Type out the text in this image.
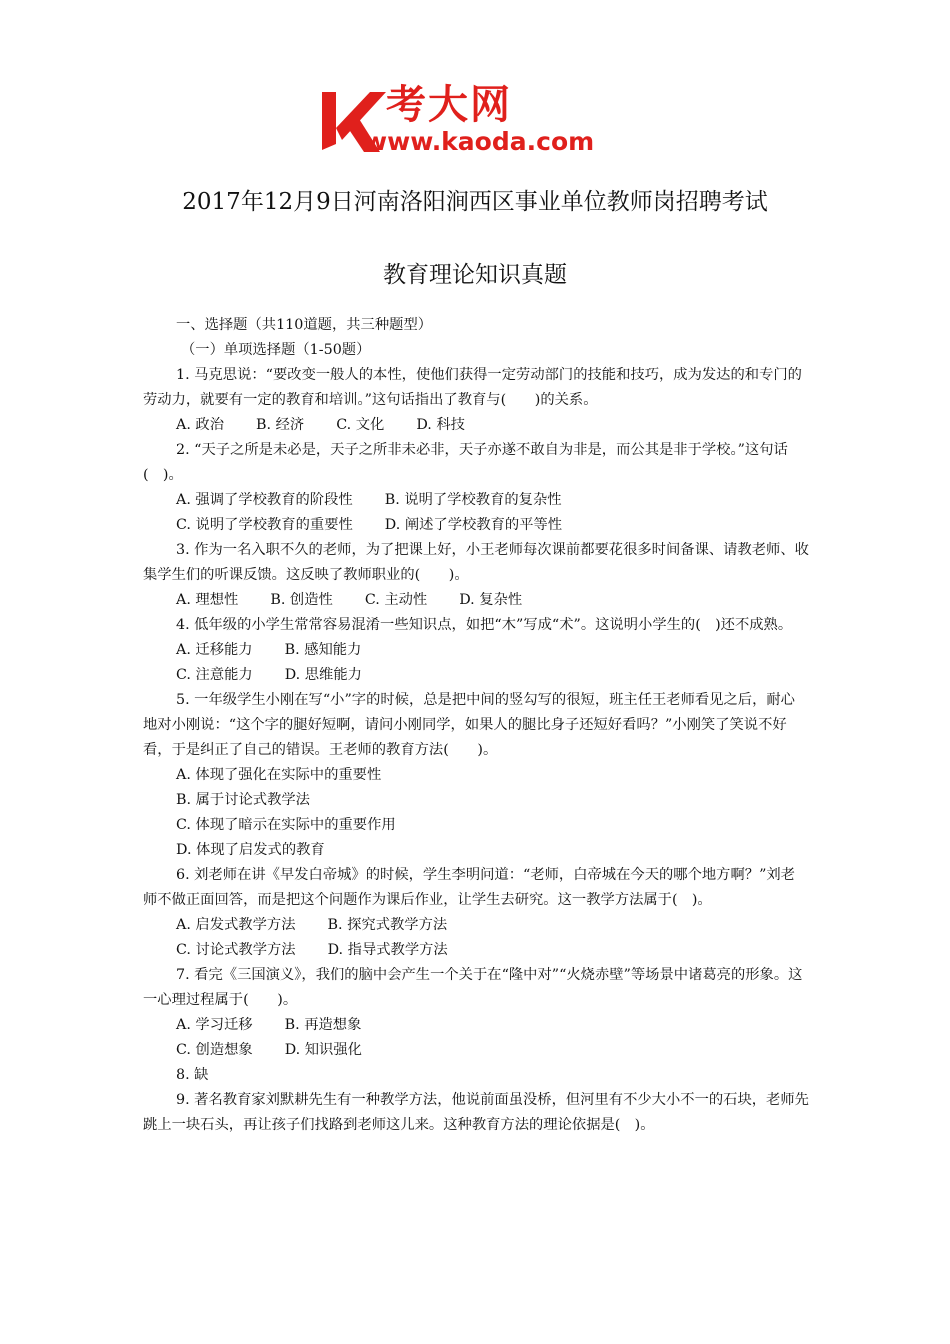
考大网
www.kaoda.com
2017年12月9日河南洛阳涧西区事业单位教师岗招聘考试
教育理论知识真题

一、选择题（共110道题，共三种题型）

（一）单项选择题（1-50题）

1. 马克思说：“要改变一般人的本性，使他们获得一定劳动部门的技能和技巧，成为发达的和专门的劳动力，就要有一定的教育和培训。”这句话指出了教育与(　　)的关系。

A. 政治 B. 经济 C. 文化 D. 科技

2. “天子之所是未必是，天子之所非未必非，天子亦遂不敢自为非是，而公其是非于学校。”这句话(　)。

A. 强调了学校教育的阶段性 B. 说明了学校教育的复杂性

C. 说明了学校教育的重要性 D. 阐述了学校教育的平等性

3. 作为一名入职不久的老师，为了把课上好，小王老师每次课前都要花很多时间备课、请教老师、收集学生们的听课反馈。这反映了教师职业的(　　)。

A. 理想性 B. 创造性 C. 主动性 D. 复杂性

4. 低年级的小学生常常容易混淆一些知识点，如把“木”写成“术”。这说明小学生的(　)还不成熟。

A. 迁移能力 B. 感知能力

C. 注意能力 D. 思维能力

5. 一年级学生小刚在写“小”字的时候，总是把中间的竖勾写的很短，班主任王老师看见之后，耐心地对小刚说：“这个字的腿好短啊，请问小刚同学，如果人的腿比身子还短好看吗？”小刚笑了笑说不好看，于是纠正了自己的错误。王老师的教育方法(　　)。

A. 体现了强化在实际中的重要性

B. 属于讨论式教学法

C. 体现了暗示在实际中的重要作用

D. 体现了启发式的教育

6. 刘老师在讲《早发白帝城》的时候，学生李明问道：“老师，白帝城在今天的哪个地方啊？”刘老师不做正面回答，而是把这个问题作为课后作业，让学生去研究。这一教学方法属于(　)。

A. 启发式教学方法 B. 探究式教学方法

C. 讨论式教学方法 D. 指导式教学方法

7. 看完《三国演义》，我们的脑中会产生一个关于在“隆中对”“火烧赤壁”等场景中诸葛亮的形象。这一心理过程属于(　　)。

A. 学习迁移 B. 再造想象

C. 创造想象 D. 知识强化

8. 缺

9. 著名教育家刘默耕先生有一种教学方法，他说前面虽没桥，但河里有不少大小不一的石块，老师先跳上一块石头，再让孩子们找路到老师这儿来。这种教育方法的理论依据是(　)。
